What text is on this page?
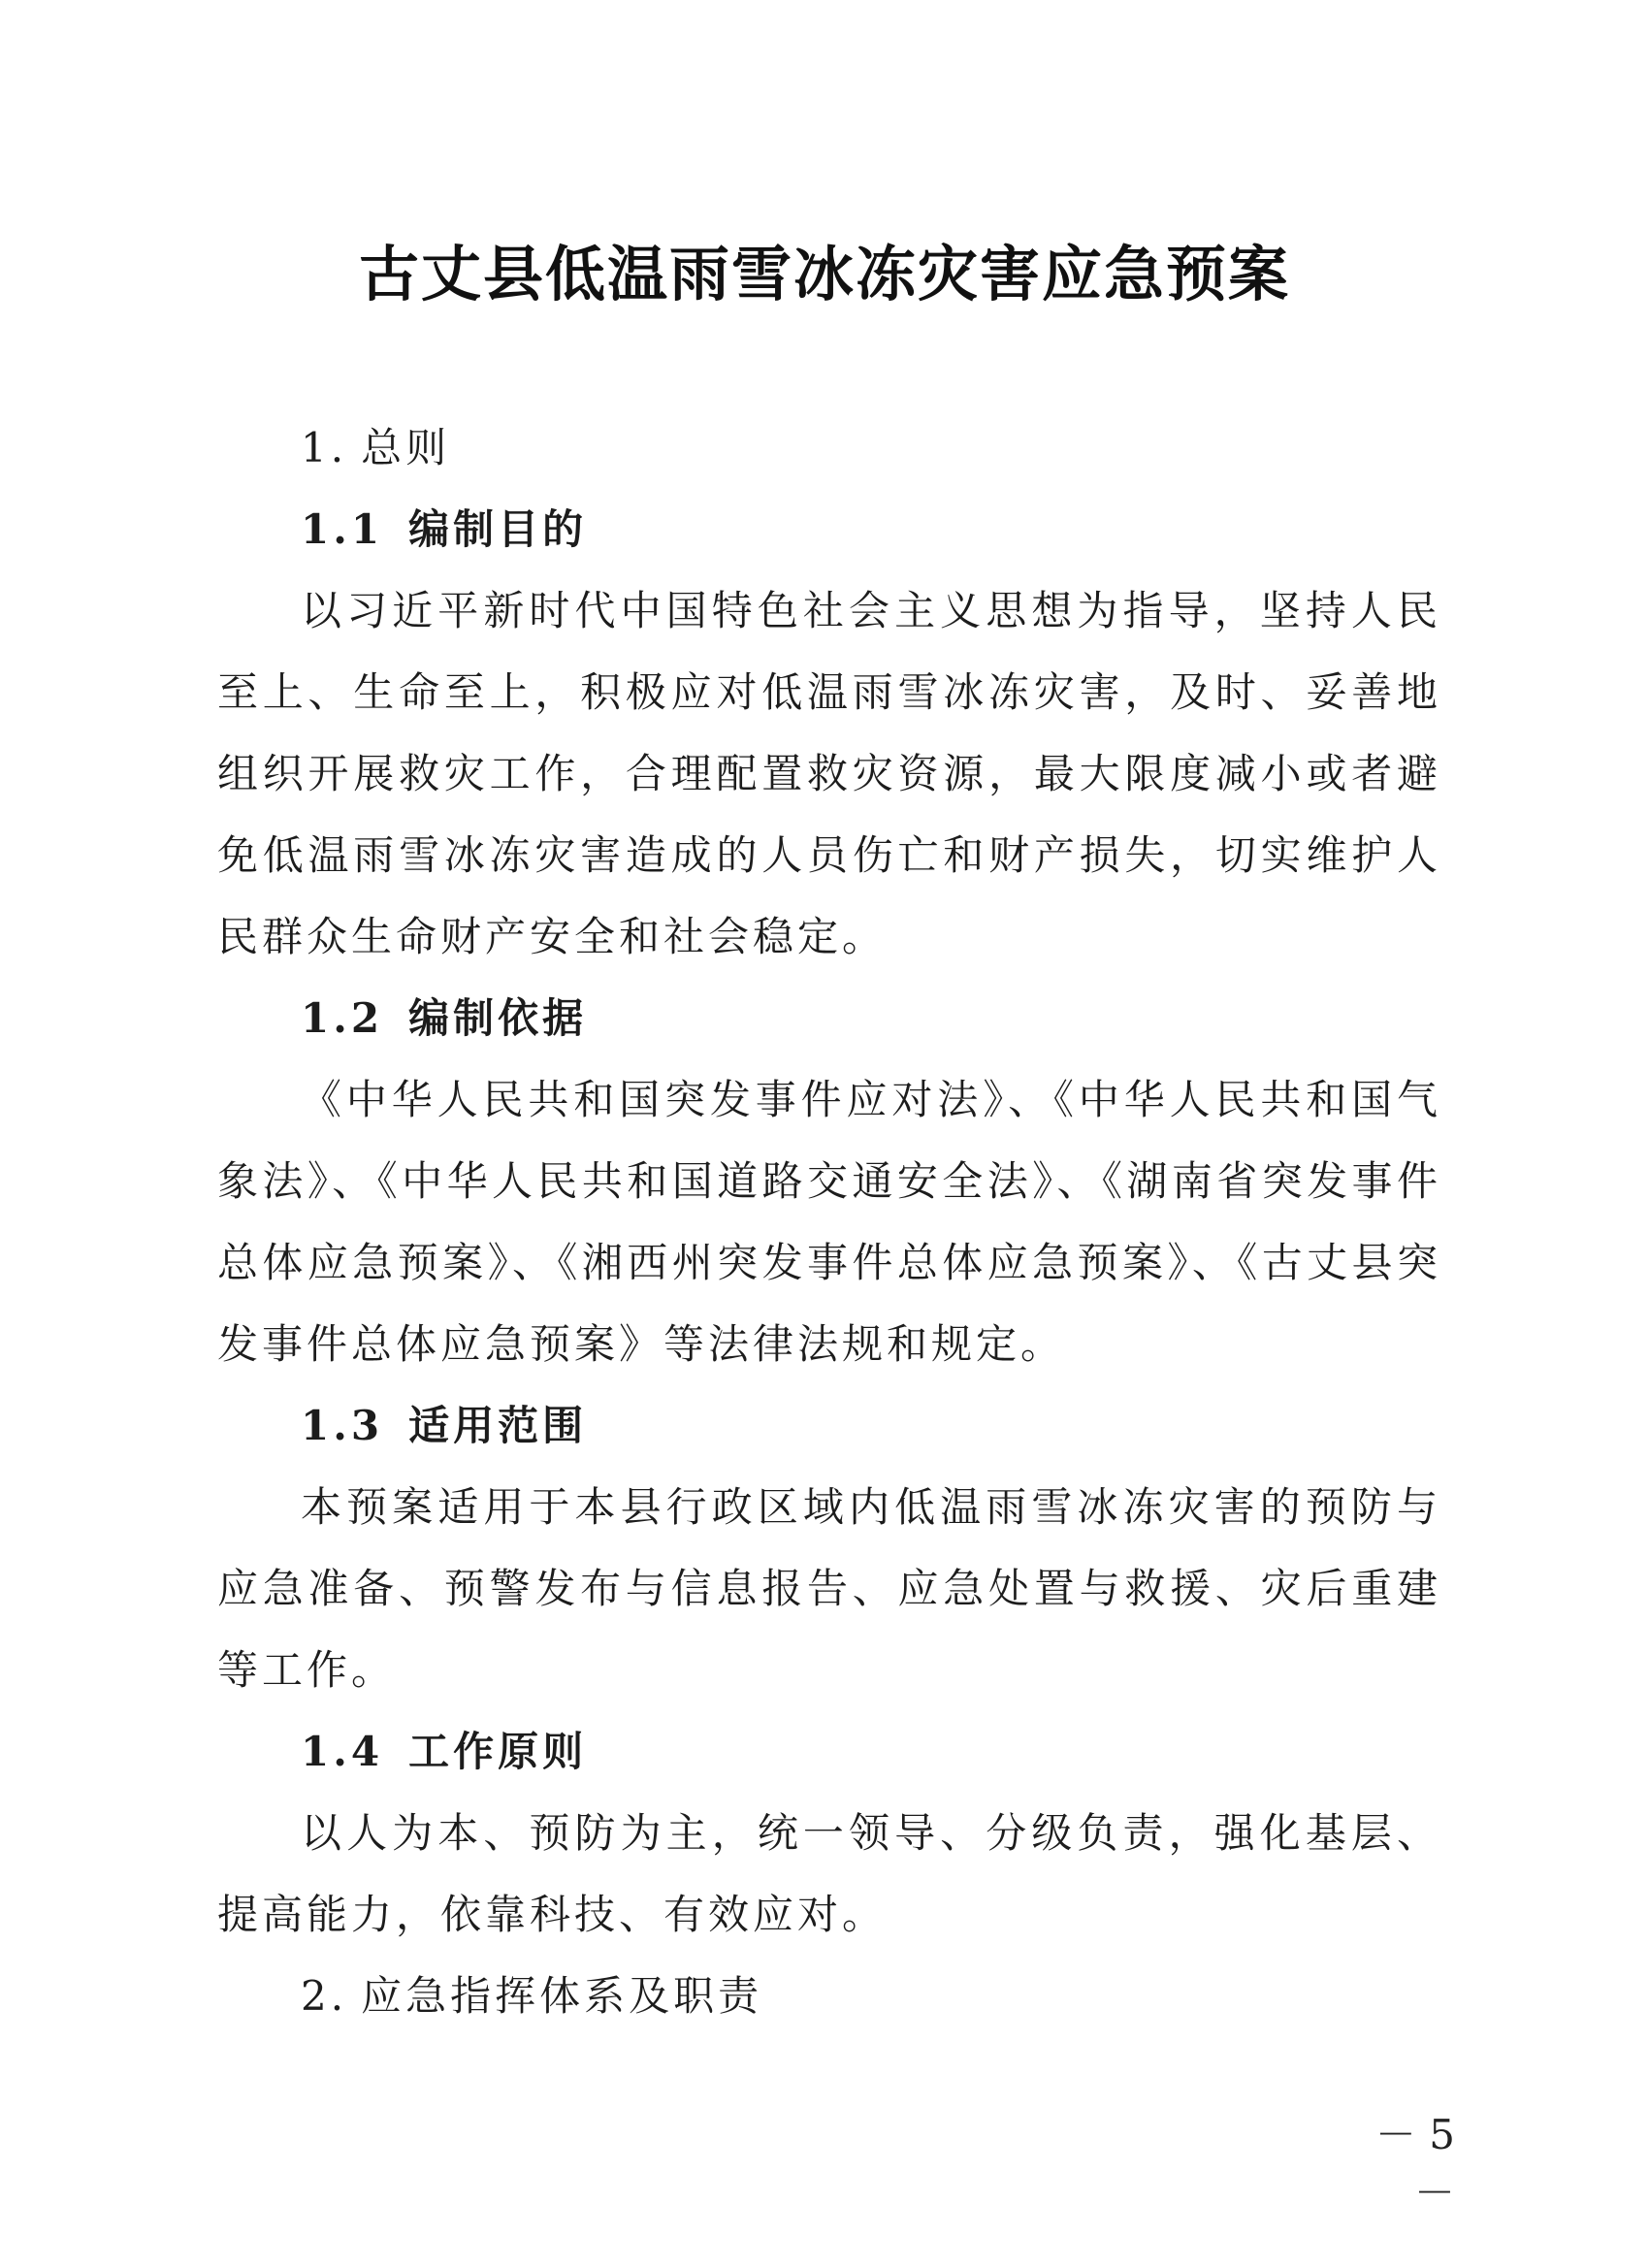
古丈县低温雨雪冰冻灾害应急预案
1. 总则
1.1 编制目的
以习近平新时代中国特色社会主义思想为指导，坚持人民至上、生命至上，积极应对低温雨雪冰冻灾害，及时、妥善地组织开展救灾工作，合理配置救灾资源，最大限度减小或者避免低温雨雪冰冻灾害造成的人员伤亡和财产损失，切实维护人民群众生命财产安全和社会稳定。
1.2 编制依据
《中华人民共和国突发事件应对法》、《中华人民共和国气象法》、《中华人民共和国道路交通安全法》、《湖南省突发事件总体应急预案》、《湘西州突发事件总体应急预案》、《古丈县突发事件总体应急预案》等法律法规和规定。
1.3 适用范围
本预案适用于本县行政区域内低温雨雪冰冻灾害的预防与应急准备、预警发布与信息报告、应急处置与救援、灾后重建等工作。
1.4 工作原则
以人为本、预防为主，统一领导、分级负责，强化基层、提高能力，依靠科技、有效应对。
2. 应急指挥体系及职责
－ 5 －
